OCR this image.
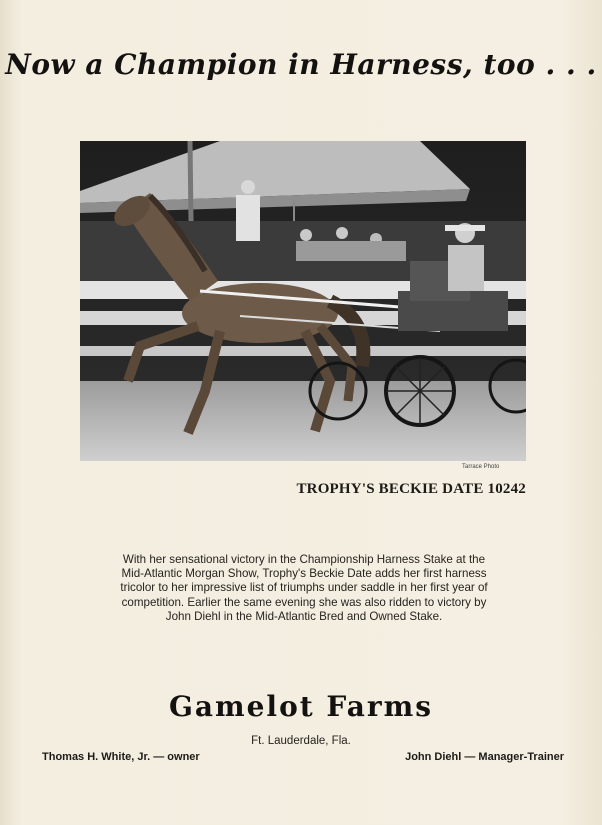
Now a Champion in Harness, too . . .
Tarrace Photo
TROPHY'S BECKIE DATE 10242
With her sensational victory in the Championship Harness Stake at the Mid-Atlantic Morgan Show, Trophy's Beckie Date adds her first harness tricolor to her impressive list of triumphs under saddle in her first year of competition. Earlier the same evening she was also ridden to victory by John Diehl in the Mid-Atlantic Bred and Owned Stake.
Gamelot Farms
Ft. Lauderdale, Fla.
Thomas H. White, Jr. — owner	John Diehl — Manager-Trainer
